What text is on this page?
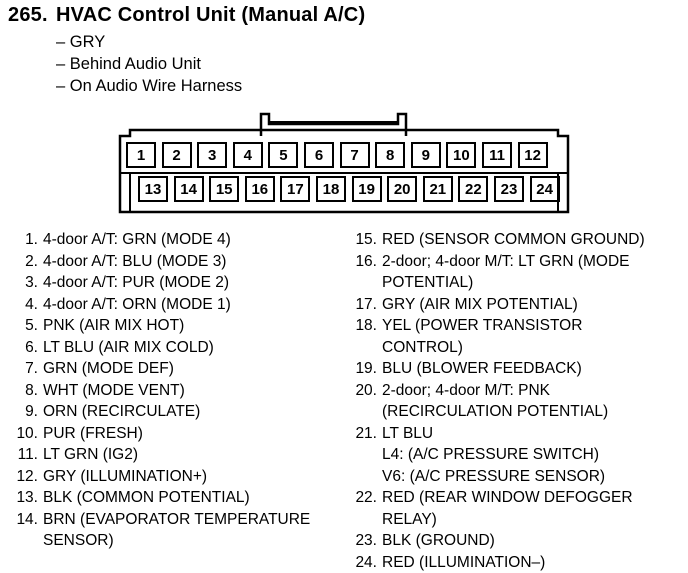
265. HVAC Control Unit (Manual A/C)
– GRY
– Behind Audio Unit
– On Audio Wire Harness
1	2	3	4	5	6	7	8	9	10	11	12
13	14	15	16	17	18	19	20	21	22	23	24
1. 4-door A/T: GRN (MODE 4)
2. 4-door A/T: BLU (MODE 3)
3. 4-door A/T: PUR (MODE 2)
4. 4-door A/T: ORN (MODE 1)
5. PNK (AIR MIX HOT)
6. LT BLU (AIR MIX COLD)
7. GRN (MODE DEF)
8. WHT (MODE VENT)
9. ORN (RECIRCULATE)
10. PUR (FRESH)
11. LT GRN (IG2)
12. GRY (ILLUMINATION+)
13. BLK (COMMON POTENTIAL)
14. BRN (EVAPORATOR TEMPERATURE
SENSOR)
15. RED (SENSOR COMMON GROUND)
16. 2-door; 4-door M/T: LT GRN (MODE
POTENTIAL)
17. GRY (AIR MIX POTENTIAL)
18. YEL (POWER TRANSISTOR
CONTROL)
19. BLU (BLOWER FEEDBACK)
20. 2-door; 4-door M/T: PNK
(RECIRCULATION POTENTIAL)
21. LT BLU
L4: (A/C PRESSURE SWITCH)
V6: (A/C PRESSURE SENSOR)
22. RED (REAR WINDOW DEFOGGER
RELAY)
23. BLK (GROUND)
24. RED (ILLUMINATION–)
